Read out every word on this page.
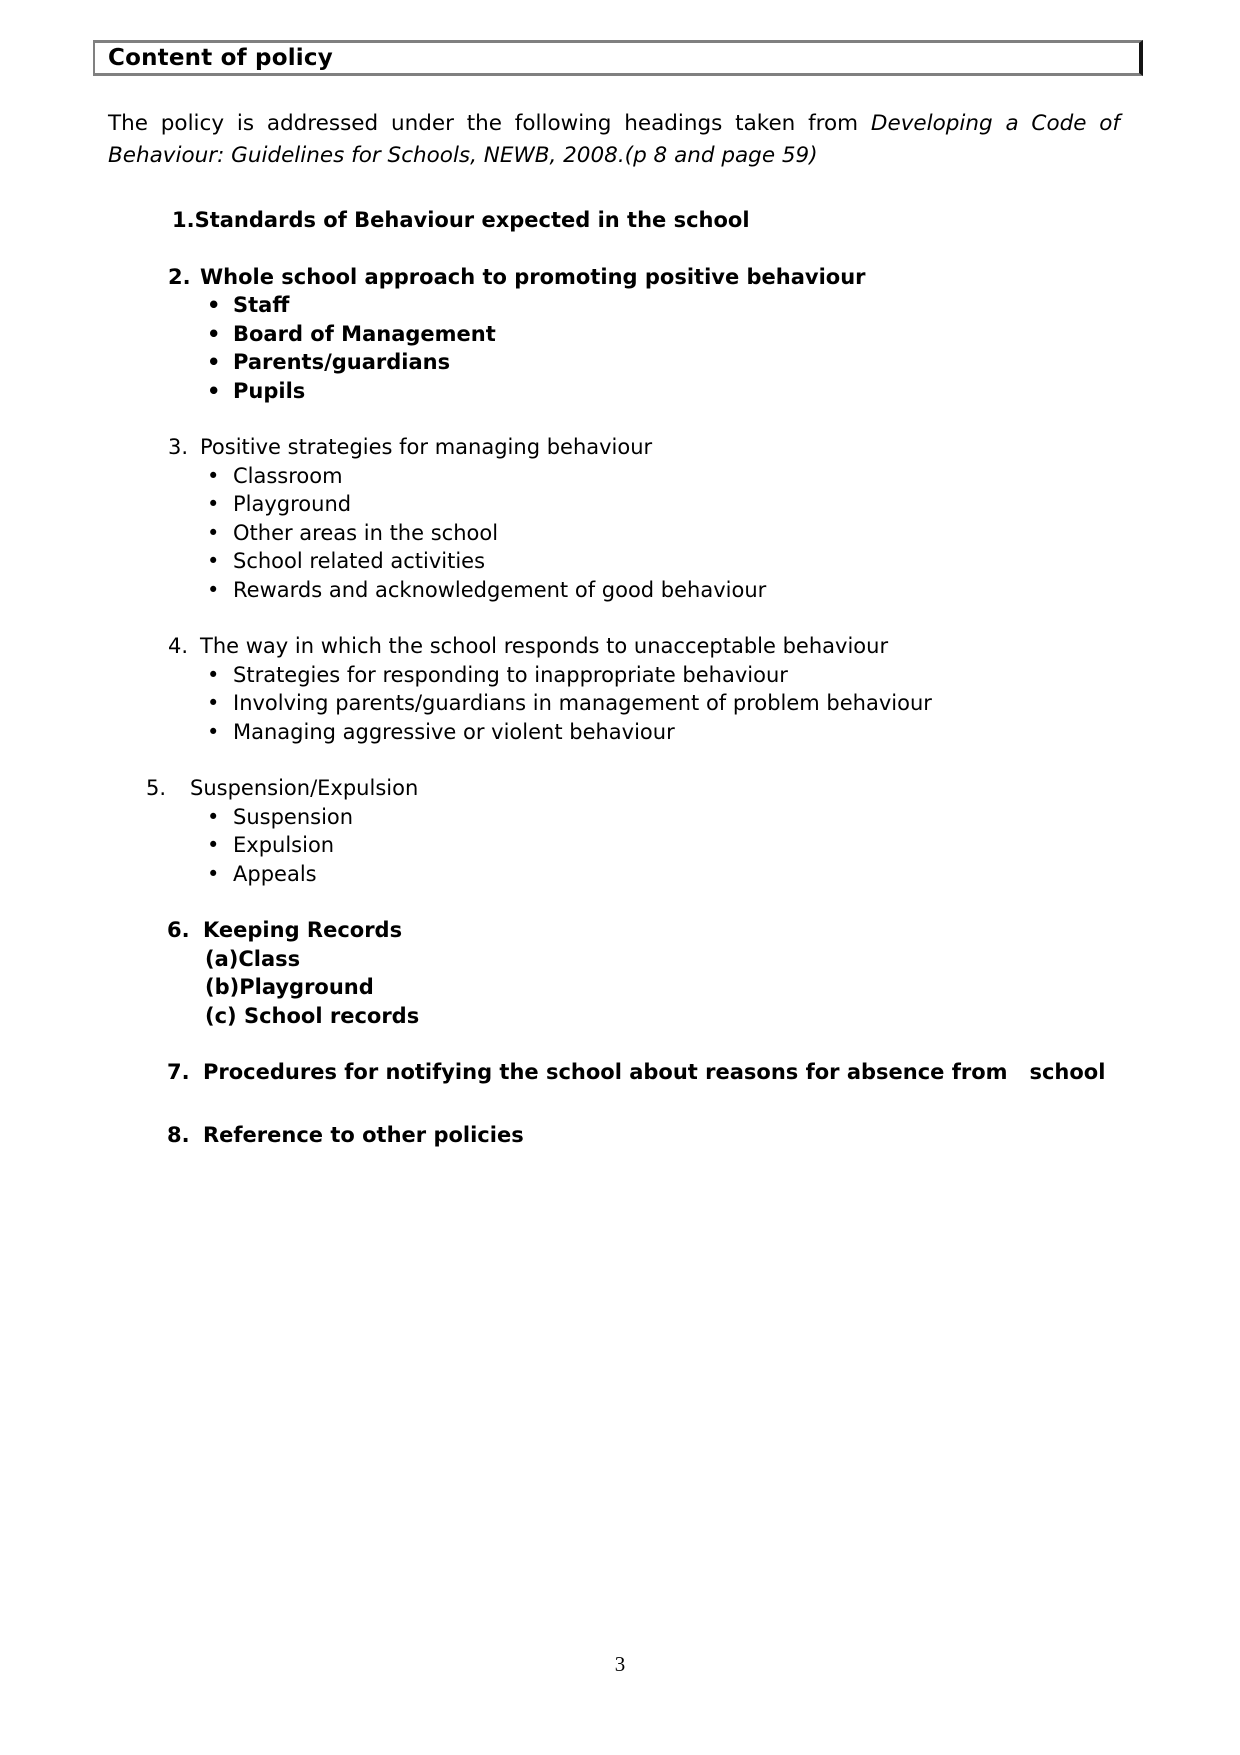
Content of policy
The policy is addressed under the following headings taken from Developing a Code of
Behaviour: Guidelines for Schools, NEWB, 2008.(p 8 and page 59)
1.Standards of Behaviour expected in the school
2. Whole school approach to promoting positive behaviour
• Staff
• Board of Management
• Parents/guardians
• Pupils
3. Positive strategies for managing behaviour
• Classroom
• Playground
• Other areas in the school
• School related activities
• Rewards and acknowledgement of good behaviour
4. The way in which the school responds to unacceptable behaviour
• Strategies for responding to inappropriate behaviour
• Involving parents/guardians in management of problem behaviour
• Managing aggressive or violent behaviour
5. Suspension/Expulsion
• Suspension
• Expulsion
• Appeals
6. Keeping Records
(a)Class
(b)Playground
(c) School records
7. Procedures for notifying the school about reasons for absence from   school
8. Reference to other policies
3
